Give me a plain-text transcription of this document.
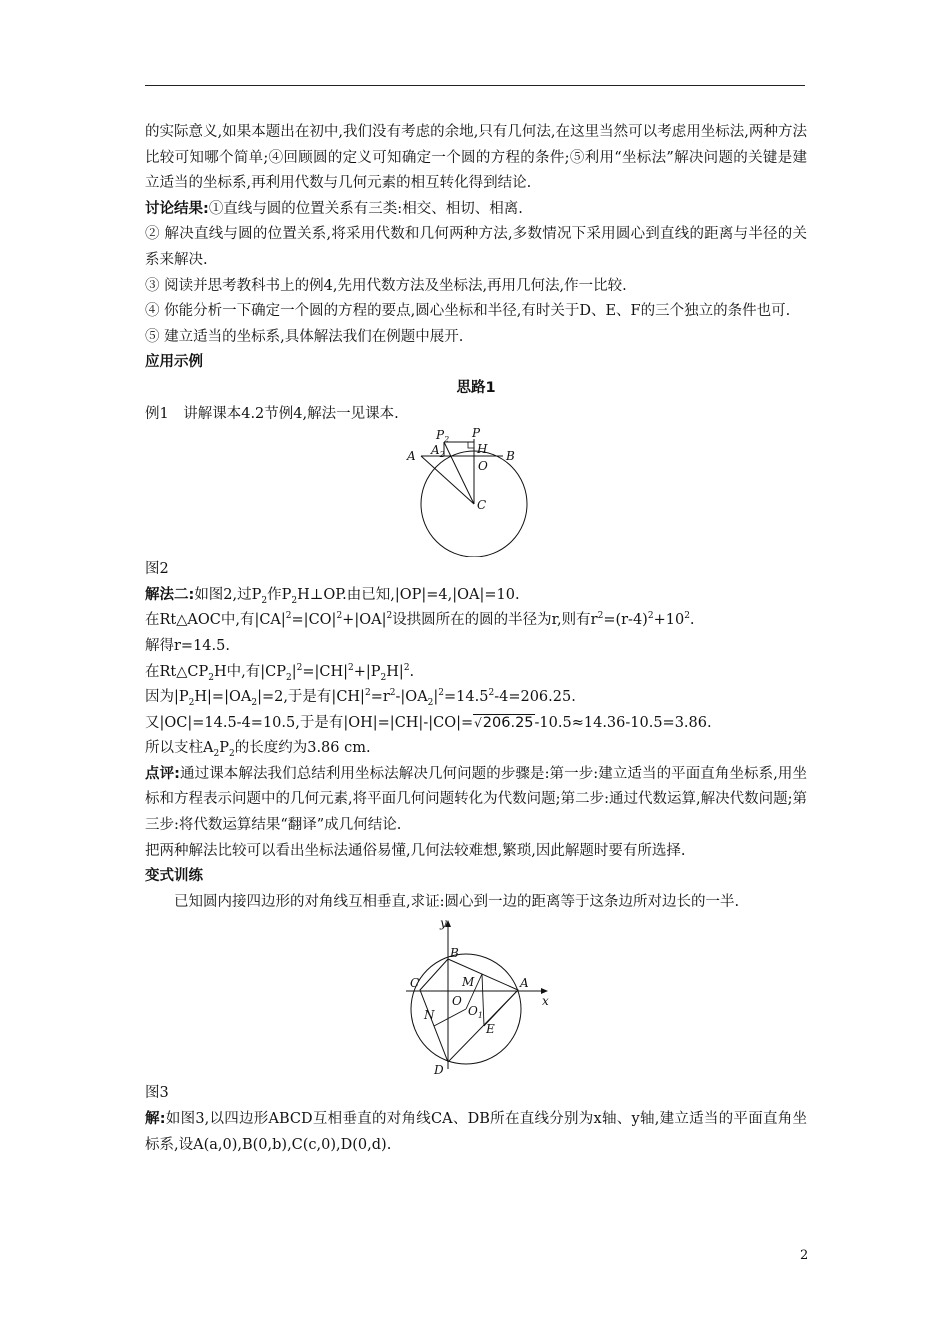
的实际意义,如果本题出在初中,我们没有考虑的余地,只有几何法,在这里当然可以考虑用坐标法,两种方法比较可知哪个简单;④回顾圆的定义可知确定一个圆的方程的条件;⑤利用“坐标法”解决问题的关键是建立适当的坐标系,再利用代数与几何元素的相互转化得到结论.

讨论结果:①直线与圆的位置关系有三类:相交、相切、相离.

② 解决直线与圆的位置关系,将采用代数和几何两种方法,多数情况下采用圆心到直线的距离与半径的关系来解决.

③ 阅读并思考教科书上的例4,先用代数方法及坐标法,再用几何法,作一比较.

④ 你能分析一下确定一个圆的方程的要点,圆心坐标和半径,有时关于D、E、F的三个独立的条件也可.

⑤ 建立适当的坐标系,具体解法我们在例题中展开.

应用示例

思路1

例1　讲解课本4.2节例4,解法一见课本.

A	B
P
$P_2$
$A_2$	H
O
C

图2

解法二:如图2,过$P_2$作$P_2H\perp OP$.由已知,|OP|=4,|OA|=10.

在Rt△AOC中,有$|CA|^2=|CO|^2+|OA|^2$设拱圆所在的圆的半径为r,则有$r^2=(r-4)^2+10^2$.

解得r=14.5.

在$Rt\triangle CP_2H$中,有$|CP_2|^2=|CH|^2+|P_2H|^2$.

因为$|P_2H|=|OA_2|=2$,于是有$|CH|^2=r^2-|OA_2|^2=14.5^2-4=206.25$.

又|OC|=14.5-4=10.5,于是有|OH|=|CH|-|CO|=√206.25-10.5≈14.36-10.5=3.86.

所以支柱$A_2P_2$的长度约为3.86 cm.

点评:通过课本解法我们总结利用坐标法解决几何问题的步骤是:第一步:建立适当的平面直角坐标系,用坐标和方程表示问题中的几何元素,将平面几何问题转化为代数问题;第二步:通过代数运算,解决代数问题;第三步:将代数运算结果“翻译”成几何结论.

把两种解法比较可以看出坐标法通俗易懂,几何法较难想,繁琐,因此解题时要有所选择.

变式训练

已知圆内接四边形的对角线互相垂直,求证:圆心到一边的距离等于这条边所对边长的一半.

y
x
B
C	M	A
O
N	$O_1$
E
D

图3

解:如图3,以四边形ABCD互相垂直的对角线CA、DB所在直线分别为x轴、y轴,建立适当的平面直角坐标系,设A(a,0),B(0,b),C(c,0),D(0,d).

2
